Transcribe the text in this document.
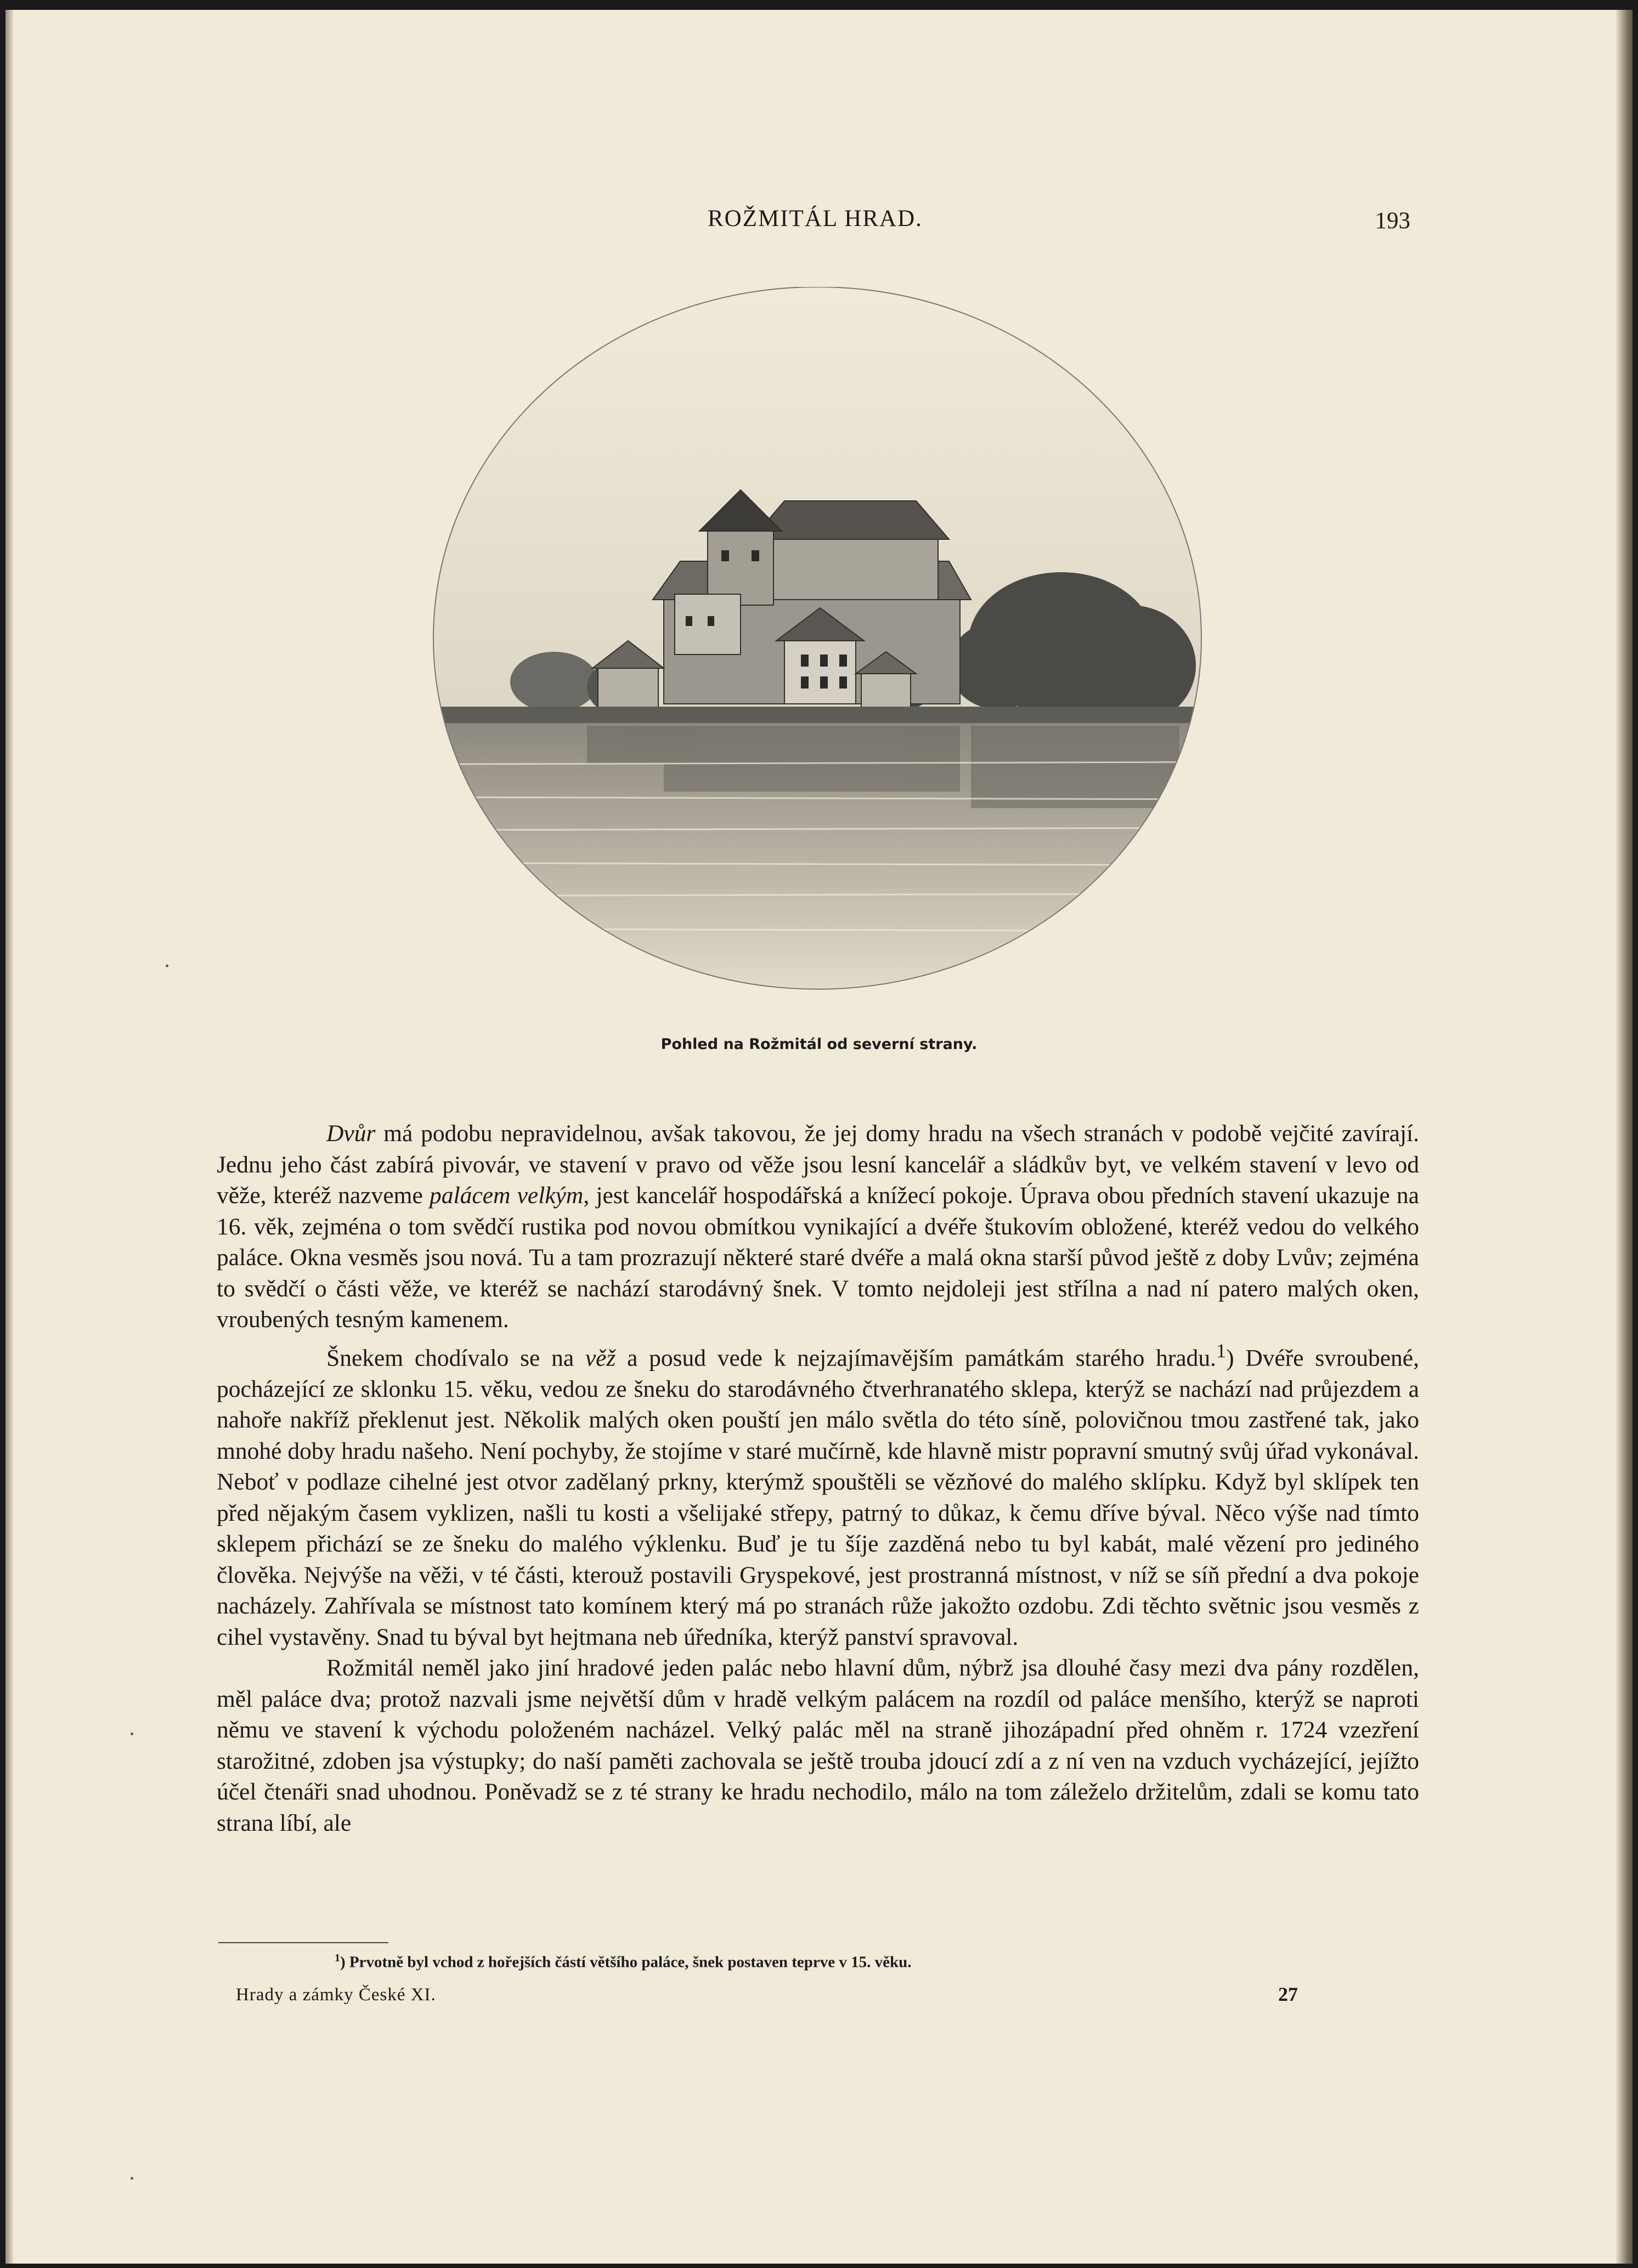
ROŽMITÁL HRAD.	193
Pohled na Rožmitál od severní strany.

Dvůr má podobu nepravidelnou, avšak takovou, že jej domy hradu na všech stranách v podobě vejčité zavírají. Jednu jeho část zabírá pivovár, ve stavení v pravo od věže jsou lesní kancelář a sládkův byt, ve velkém stavení v levo od věže, kteréž nazveme palácem velkým, jest kancelář hospodářská a knížecí pokoje. Úprava obou předních stavení ukazuje na 16. věk, zejména o tom svědčí rustika pod novou obmítkou vynikající a dvéře štukovím obložené, kteréž vedou do velkého paláce. Okna vesměs jsou nová. Tu a tam prozrazují některé staré dvéře a malá okna starší původ ještě z doby Lvův; zejména to svědčí o části věže, ve kteréž se nachází starodávný šnek. V tomto nejdoleji jest střílna a nad ní patero malých oken, vroubených tesným kamenem.

Šnekem chodívalo se na věž a posud vede k nejzajímavějším památkám starého hradu.$^1$) Dvéře svroubené, pocházející ze sklonku 15. věku, vedou ze šneku do starodávného čtverhranatého sklepa, kterýž se nachází nad průjezdem a nahoře nakříž překlenut jest. Několik malých oken pouští jen málo světla do této síně, polovičnou tmou zastřené tak, jako mnohé doby hradu našeho. Není pochyby, že stojíme v staré mučírně, kde hlavně mistr popravní smutný svůj úřad vykonával. Neboť v podlaze cihelné jest otvor zadělaný prkny, kterýmž spouštěli se vězňové do malého sklípku. Když byl sklípek ten před nějakým časem vyklizen, našli tu kosti a všelijaké střepy, patrný to důkaz, k čemu dříve býval. Něco výše nad tímto sklepem přichází se ze šneku do malého výklenku. Buď je tu šíje zazděná nebo tu byl kabát, malé vězení pro jediného člověka. Nejvýše na věži, v té části, kterouž postavili Gryspekové, jest prostranná místnost, v níž se síň přední a dva pokoje nacházely. Zahřívala se místnost tato komínem který má po stranách růže jakožto ozdobu. Zdi těchto světnic jsou vesměs z cihel vystavěny. Snad tu býval byt hejtmana neb úředníka, kterýž panství spravoval.

Rožmitál neměl jako jiní hradové jeden palác nebo hlavní dům, nýbrž jsa dlouhé časy mezi dva pány rozdělen, měl paláce dva; protož nazvali jsme největší dům v hradě velkým palácem na rozdíl od paláce menšího, kterýž se naproti němu ve stavení k východu položeném nacházel. Velký palác měl na straně jihozápadní před ohněm r. 1724 vzezření starožitné, zdoben jsa výstupky; do naší paměti zachovala se ještě trouba jdoucí zdí a z ní ven na vzduch vycházející, jejížto účel čtenáři snad uhodnou. Poněvadž se z té strany ke hradu nechodilo, málo na tom záleželo držitelům, zdali se komu tato strana líbí, ale

$^1$) Prvotně byl vchod z hořejších částí většího paláce, šnek postaven teprve v 15. věku.
Hrady a zámky České XI.	27
